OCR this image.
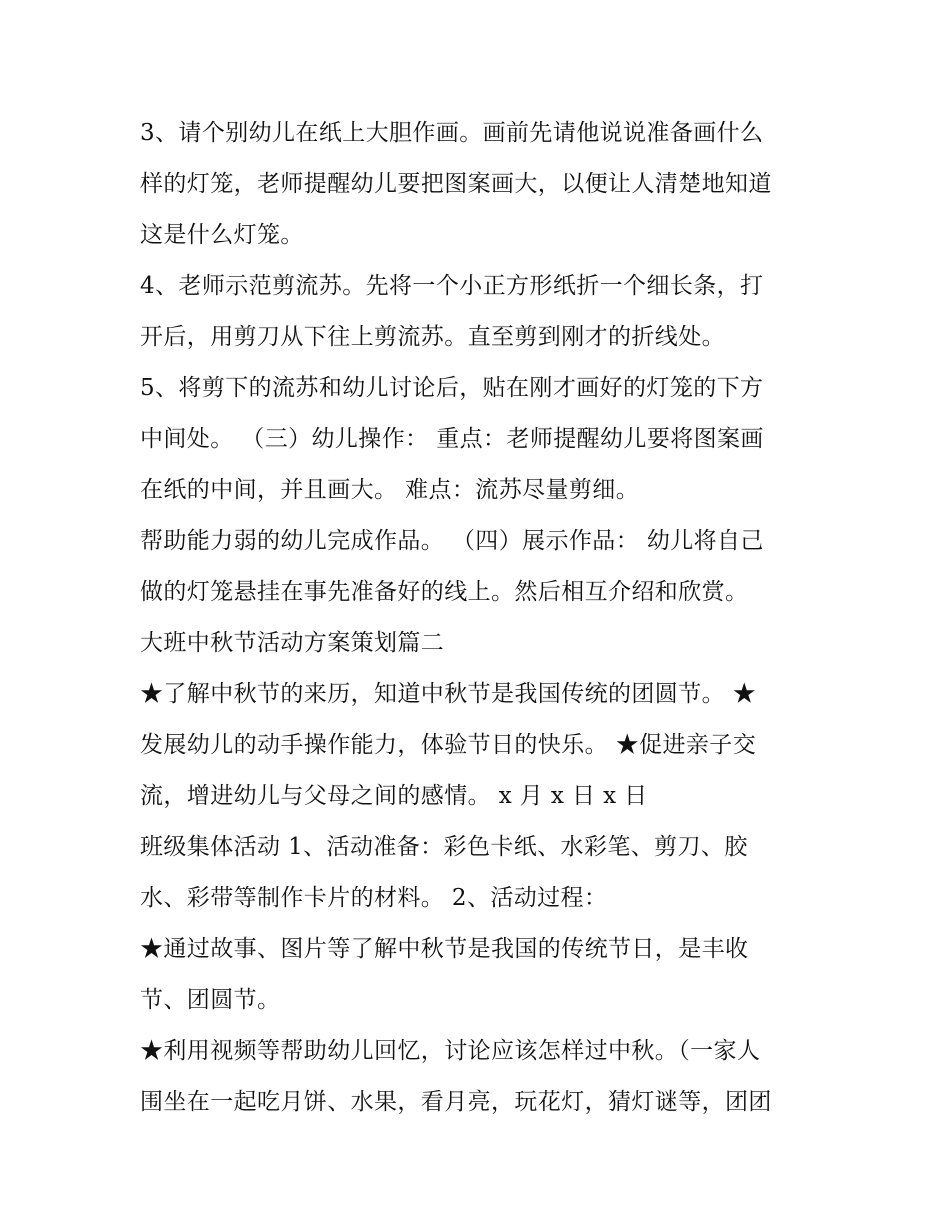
3、请个别幼儿在纸上大胆作画。画前先请他说说准备画什么
样的灯笼，老师提醒幼儿要把图案画大，以便让人清楚地知道
这是什么灯笼。
4、老师示范剪流苏。先将一个小正方形纸折一个细长条，打
开后，用剪刀从下往上剪流苏。直至剪到刚才的折线处。
5、将剪下的流苏和幼儿讨论后，贴在刚才画好的灯笼的下方
中间处。 （三）幼儿操作： 重点：老师提醒幼儿要将图案画
在纸的中间，并且画大。 难点：流苏尽量剪细。
帮助能力弱的幼儿完成作品。 （四）展示作品： 幼儿将自己
做的灯笼悬挂在事先准备好的线上。然后相互介绍和欣赏。
大班中秋节活动方案策划篇二
★了解中秋节的来历，知道中秋节是我国传统的团圆节。 ★
发展幼儿的动手操作能力，体验节日的快乐。 ★促进亲子交
流，增进幼儿与父母之间的感情。 x 月 x 日 x 日
班级集体活动 1、活动准备：彩色卡纸、水彩笔、剪刀、胶
水、彩带等制作卡片的材料。 2、活动过程：
★通过故事、图片等了解中秋节是我国的传统节日，是丰收
节、团圆节。
★利用视频等帮助幼儿回忆，讨论应该怎样过中秋。（一家人
围坐在一起吃月饼、水果，看月亮，玩花灯，猜灯谜等，团团
